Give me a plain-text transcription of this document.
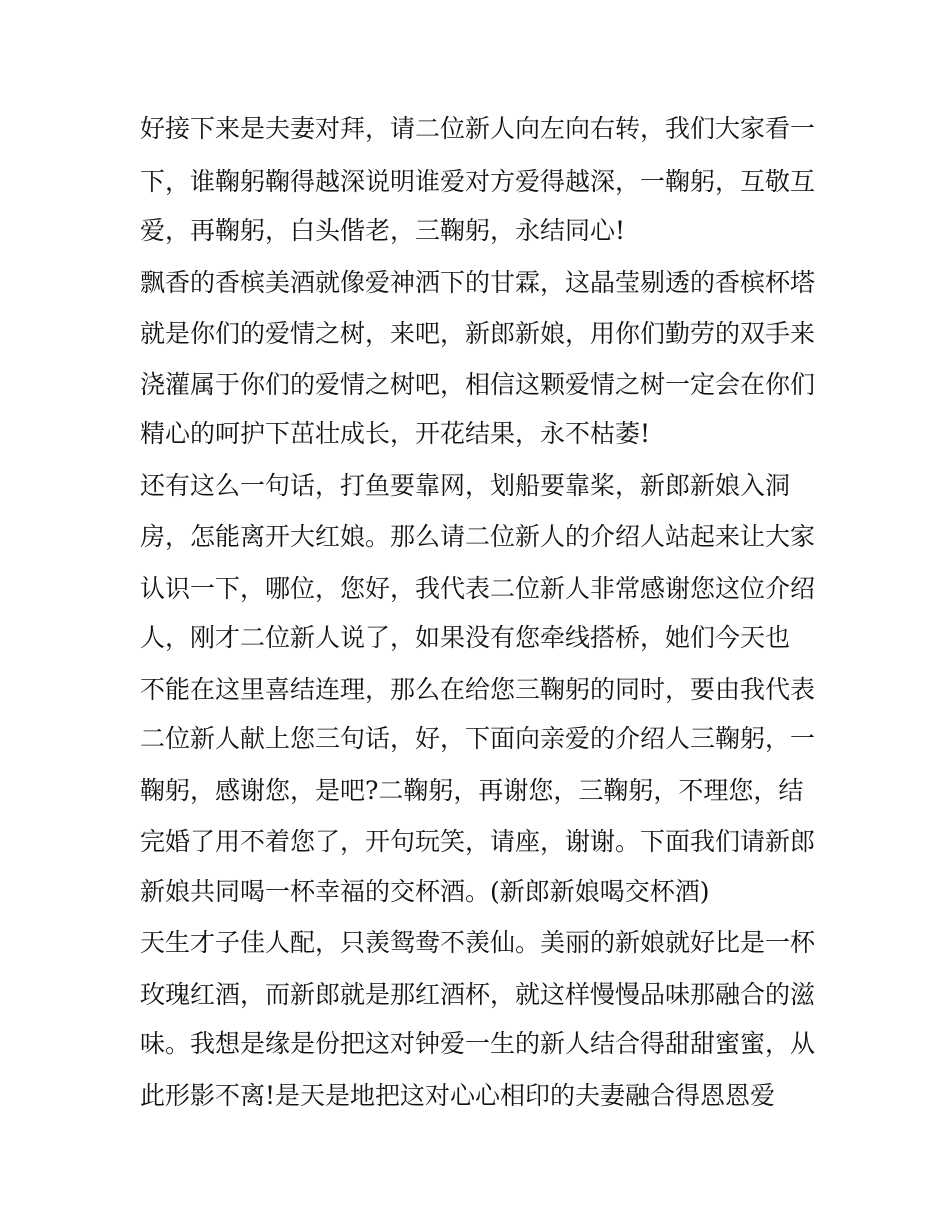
好接下来是夫妻对拜，请二位新人向左向右转，我们大家看一
下，谁鞠躬鞠得越深说明谁爱对方爱得越深，一鞠躬，互敬互
爱，再鞠躬，白头偕老，三鞠躬，永结同心!
飘香的香槟美酒就像爱神洒下的甘霖，这晶莹剔透的香槟杯塔
就是你们的爱情之树，来吧，新郎新娘，用你们勤劳的双手来
浇灌属于你们的爱情之树吧，相信这颗爱情之树一定会在你们
精心的呵护下茁壮成长，开花结果，永不枯萎!
还有这么一句话，打鱼要靠网，划船要靠桨，新郎新娘入洞
房，怎能离开大红娘。那么请二位新人的介绍人站起来让大家
认识一下，哪位，您好，我代表二位新人非常感谢您这位介绍
人，刚才二位新人说了，如果没有您牵线搭桥，她们今天也
不能在这里喜结连理，那么在给您三鞠躬的同时，要由我代表
二位新人献上您三句话，好，下面向亲爱的介绍人三鞠躬，一
鞠躬，感谢您，是吧?二鞠躬，再谢您，三鞠躬，不理您，结
完婚了用不着您了，开句玩笑，请座，谢谢。下面我们请新郎
新娘共同喝一杯幸福的交杯酒。(新郎新娘喝交杯酒)
天生才子佳人配，只羡鸳鸯不羡仙。美丽的新娘就好比是一杯
玫瑰红酒，而新郎就是那红酒杯，就这样慢慢品味那融合的滋
味。我想是缘是份把这对钟爱一生的新人结合得甜甜蜜蜜，从
此形影不离!是天是地把这对心心相印的夫妻融合得恩恩爱
